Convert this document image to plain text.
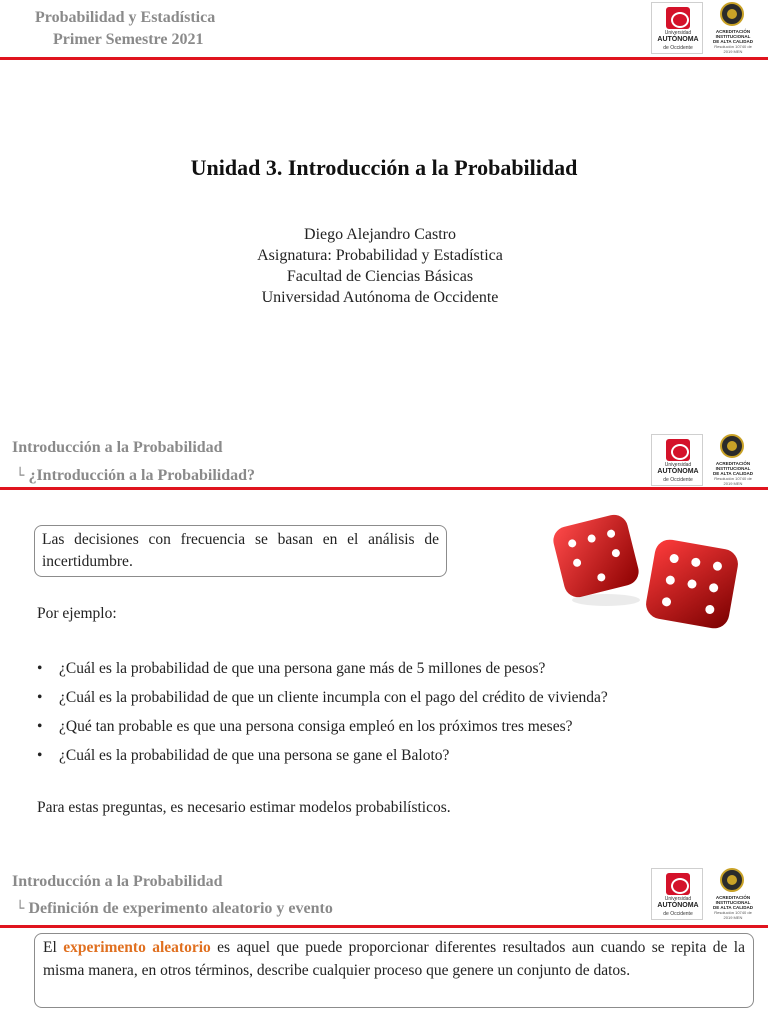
Probabilidad y Estadística
Primer Semestre 2021	Universidad
AUTÓNOMA
de Occidente
ACREDITACIÓN
INSTITUCIONAL
DE ALTA CALIDAD
Resolución 10740 de 2019 MEN
Unidad 3. Introducción a la Probabilidad
Diego Alejandro Castro
Asignatura: Probabilidad y Estadística
Facultad de Ciencias Básicas
Universidad Autónoma de Occidente
Introducción a la Probabilidad
└ ¿Introducción a la Probabilidad?
Universidad
AUTÓNOMA
de Occidente
ACREDITACIÓN
INSTITUCIONAL
DE ALTA CALIDAD
Resolución 10740 de 2019 MEN
Las decisiones con frecuencia se basan en el análisis de incertidumbre.
Por ejemplo:
• ¿Cuál es la probabilidad de que una persona gane más de 5 millones de pesos?
• ¿Cuál es la probabilidad de que un cliente incumpla con el pago del crédito de vivienda?
• ¿Qué tan probable es que una persona consiga empleó en los próximos tres meses?
• ¿Cuál es la probabilidad de que una persona se gane el Baloto?
Para estas preguntas, es necesario estimar modelos probabilísticos.
Introducción a la Probabilidad
└ Definición de experimento aleatorio y evento
Universidad
AUTÓNOMA
de Occidente
ACREDITACIÓN
INSTITUCIONAL
DE ALTA CALIDAD
Resolución 10740 de 2019 MEN
El experimento aleatorio es aquel que puede proporcionar diferentes resultados aun cuando se repita de la misma manera, en otros términos, describe cualquier proceso que genere un conjunto de datos.
